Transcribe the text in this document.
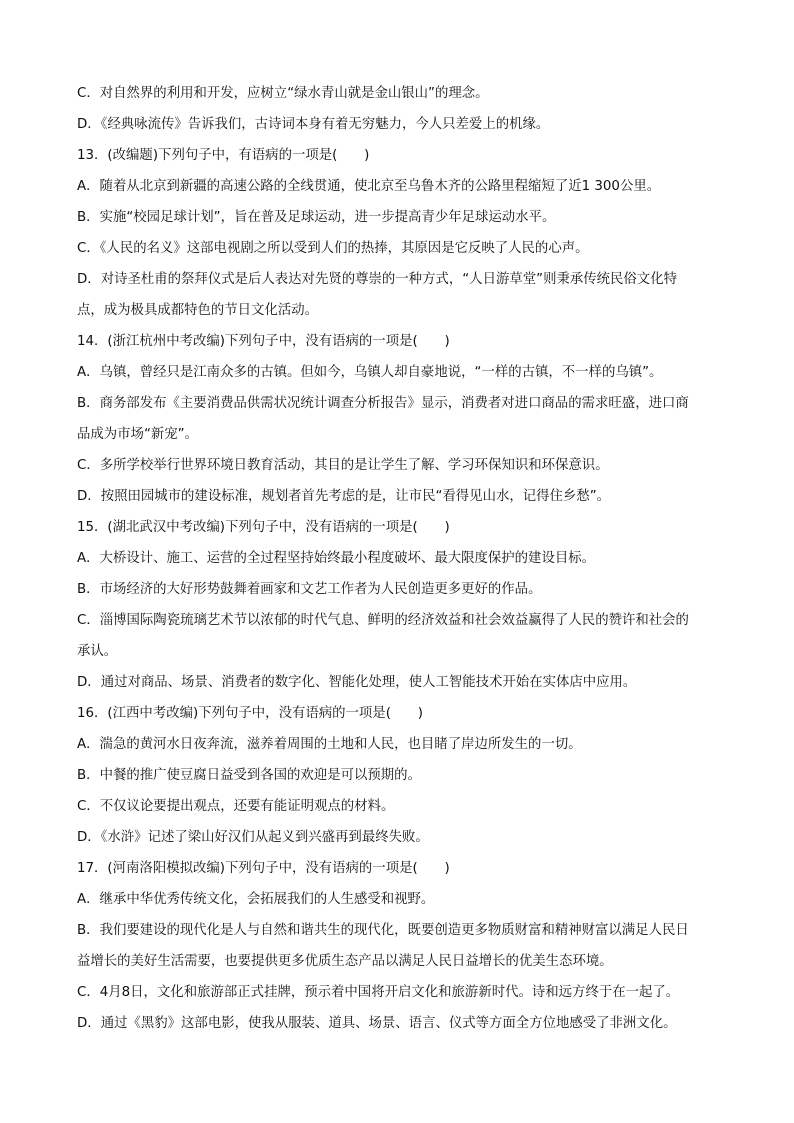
C．对自然界的利用和开发，应树立“绿水青山就是金山银山”的理念。
D．《经典咏流传》告诉我们，古诗词本身有着无穷魅力，今人只差爱上的机缘。
13．(改编题)下列句子中，有语病的一项是(　　)
A．随着从北京到新疆的高速公路的全线贯通，使北京至乌鲁木齐的公路里程缩短了近1 300公里。
B．实施“校园足球计划”，旨在普及足球运动，进一步提高青少年足球运动水平。
C．《人民的名义》这部电视剧之所以受到人们的热捧，其原因是它反映了人民的心声。
D．对诗圣杜甫的祭拜仪式是后人表达对先贤的尊崇的一种方式，“人日游草堂”则秉承传统民俗文化特
点，成为极具成都特色的节日文化活动。
14．(浙江杭州中考改编)下列句子中，没有语病的一项是(　　)
A．乌镇，曾经只是江南众多的古镇。但如今，乌镇人却自豪地说，“一样的古镇，不一样的乌镇”。
B．商务部发布《主要消费品供需状况统计调查分析报告》显示，消费者对进口商品的需求旺盛，进口商
品成为市场“新宠”。
C．多所学校举行世界环境日教育活动，其目的是让学生了解、学习环保知识和环保意识。
D．按照田园城市的建设标准，规划者首先考虑的是，让市民“看得见山水，记得住乡愁”。
15．(湖北武汉中考改编)下列句子中，没有语病的一项是(　　)
A．大桥设计、施工、运营的全过程坚持始终最小程度破坏、最大限度保护的建设目标。
B．市场经济的大好形势鼓舞着画家和文艺工作者为人民创造更多更好的作品。
C．淄博国际陶瓷琉璃艺术节以浓郁的时代气息、鲜明的经济效益和社会效益赢得了人民的赞许和社会的
承认。
D．通过对商品、场景、消费者的数字化、智能化处理，使人工智能技术开始在实体店中应用。
16．(江西中考改编)下列句子中，没有语病的一项是(　　)
A．湍急的黄河水日夜奔流，滋养着周围的土地和人民，也目睹了岸边所发生的一切。
B．中餐的推广使豆腐日益受到各国的欢迎是可以预期的。
C．不仅议论要提出观点，还要有能证明观点的材料。
D．《水浒》记述了梁山好汉们从起义到兴盛再到最终失败。
17．(河南洛阳模拟改编)下列句子中，没有语病的一项是(　　)
A．继承中华优秀传统文化，会拓展我们的人生感受和视野。
B．我们要建设的现代化是人与自然和谐共生的现代化，既要创造更多物质财富和精神财富以满足人民日
益增长的美好生活需要，也要提供更多优质生态产品以满足人民日益增长的优美生态环境。
C．4月8日，文化和旅游部正式挂牌，预示着中国将开启文化和旅游新时代。诗和远方终于在一起了。
D．通过《黑豹》这部电影，使我从服装、道具、场景、语言、仪式等方面全方位地感受了非洲文化。
